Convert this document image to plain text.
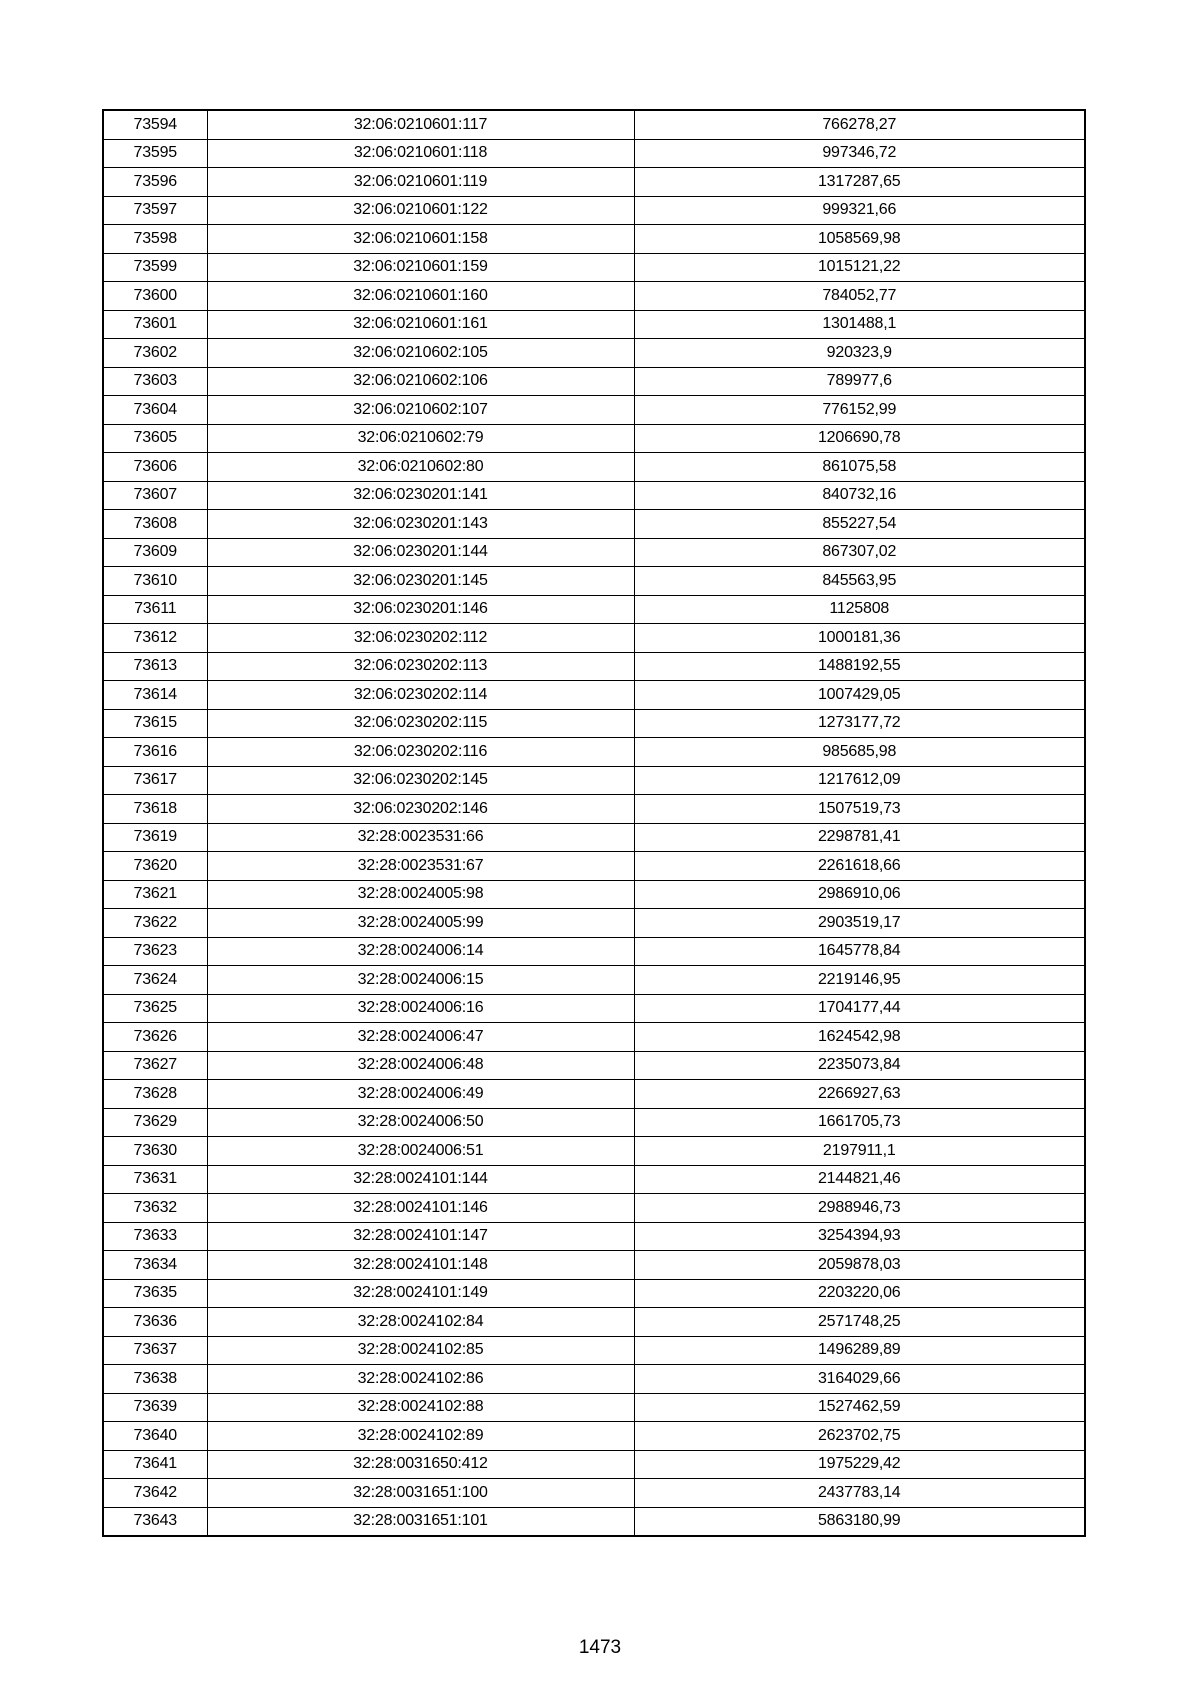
73594	32:06:0210601:117	766278,27
73595	32:06:0210601:118	997346,72
73596	32:06:0210601:119	1317287,65
73597	32:06:0210601:122	999321,66
73598	32:06:0210601:158	1058569,98
73599	32:06:0210601:159	1015121,22
73600	32:06:0210601:160	784052,77
73601	32:06:0210601:161	1301488,1
73602	32:06:0210602:105	920323,9
73603	32:06:0210602:106	789977,6
73604	32:06:0210602:107	776152,99
73605	32:06:0210602:79	1206690,78
73606	32:06:0210602:80	861075,58
73607	32:06:0230201:141	840732,16
73608	32:06:0230201:143	855227,54
73609	32:06:0230201:144	867307,02
73610	32:06:0230201:145	845563,95
73611	32:06:0230201:146	1125808
73612	32:06:0230202:112	1000181,36
73613	32:06:0230202:113	1488192,55
73614	32:06:0230202:114	1007429,05
73615	32:06:0230202:115	1273177,72
73616	32:06:0230202:116	985685,98
73617	32:06:0230202:145	1217612,09
73618	32:06:0230202:146	1507519,73
73619	32:28:0023531:66	2298781,41
73620	32:28:0023531:67	2261618,66
73621	32:28:0024005:98	2986910,06
73622	32:28:0024005:99	2903519,17
73623	32:28:0024006:14	1645778,84
73624	32:28:0024006:15	2219146,95
73625	32:28:0024006:16	1704177,44
73626	32:28:0024006:47	1624542,98
73627	32:28:0024006:48	2235073,84
73628	32:28:0024006:49	2266927,63
73629	32:28:0024006:50	1661705,73
73630	32:28:0024006:51	2197911,1
73631	32:28:0024101:144	2144821,46
73632	32:28:0024101:146	2988946,73
73633	32:28:0024101:147	3254394,93
73634	32:28:0024101:148	2059878,03
73635	32:28:0024101:149	2203220,06
73636	32:28:0024102:84	2571748,25
73637	32:28:0024102:85	1496289,89
73638	32:28:0024102:86	3164029,66
73639	32:28:0024102:88	1527462,59
73640	32:28:0024102:89	2623702,75
73641	32:28:0031650:412	1975229,42
73642	32:28:0031651:100	2437783,14
73643	32:28:0031651:101	5863180,99
1473
